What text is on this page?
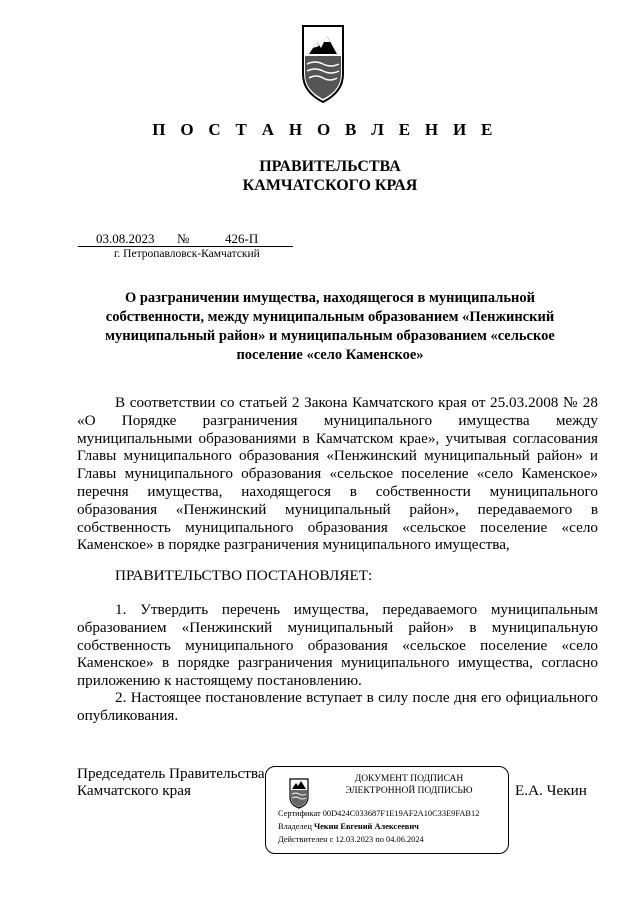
П О С Т А Н О В Л Е Н И Е
ПРАВИТЕЛЬСТВА
КАМЧАТСКОГО КРАЯ
03.08.2023 №	426-П
г. Петропавловск-Камчатский
О разграничении имущества, находящегося в муниципальной собственности, между муниципальным образованием «Пенжинский муниципальный район» и муниципальным образованием «сельское поселение «село Каменское»
В соответствии со статьей 2 Закона Камчатского края от 25.03.2008 № 28 «О Порядке разграничения муниципального имущества между муниципальными образованиями в Камчатском крае», учитывая согласования Главы муниципального образования «Пенжинский муниципальный район» и Главы муниципального образования «сельское поселение «село Каменское» перечня имущества, находящегося в собственности муниципального образования «Пенжинский муниципальный район», передаваемого в собственность муниципального образования «сельское поселение «село Каменское» в порядке разграничения муниципального имущества,
ПРАВИТЕЛЬСТВО ПОСТАНОВЛЯЕТ:
1. Утвердить перечень имущества, передаваемого муниципальным образованием «Пенжинский муниципальный район» в муниципальную собственность муниципального образования «сельское поселение «село Каменское» в порядке разграничения муниципального имущества, согласно приложению к настоящему постановлению.
2. Настоящее постановление вступает в силу после дня его официального опубликования.
Председатель Правительства
Камчатского края	Е.А. Чекин
ДОКУМЕНТ ПОДПИСАН
ЭЛЕКТРОННОЙ ПОДПИСЬЮ
Сертификат 00D424C033687F1E19AF2A10C33E9FAB12
Владелец Чекин Евгений Алексеевич
Действителен с 12.03.2023 по 04.06.2024
